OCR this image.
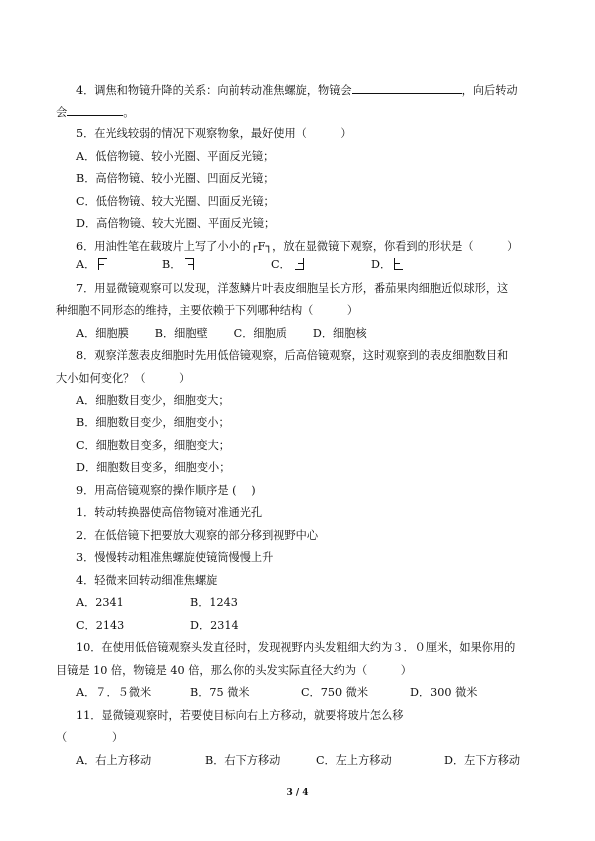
4．调焦和物镜升降的关系：向前转动准焦螺旋，物镜会	，向后转动
会	。
5．在光线较弱的情况下观察物象，最好使用（　　　）
A．低倍物镜、较小光圈、平面反光镜；
B．高倍物镜、较小光圈、凹面反光镜；
C．低倍物镜、较大光圈、凹面反光镜；
D．高倍物镜、较大光圈、平面反光镜；
6．用油性笔在载玻片上写了小小的┌F┐，放在显微镜下观察，你看到的形状是（　　　）
A．	B．	C．	D．
7．用显微镜观察可以发现，洋葱鳞片叶表皮细胞呈长方形，番茄果肉细胞近似球形，这
种细胞不同形态的维持，主要依赖于下列哪种结构（　　　）
A．细胞膜　　 B．细胞壁　　 C．细胞质　　 D．细胞核
8．观察洋葱表皮细胞时先用低倍镜观察，后高倍镜观察，这时观察到的表皮细胞数目和
大小如何变化？（　　　）
A．细胞数目变少，细胞变大；
B．细胞数目变少，细胞变小；
C．细胞数目变多，细胞变大；
D．细胞数目变多，细胞变小；
9．用高倍镜观察的操作顺序是 (　 )
1．转动转换器使高倍物镜对准通光孔
2．在低倍镜下把要放大观察的部分移到视野中心
3．慢慢转动粗准焦螺旋使镜筒慢慢上升
4．轻微来回转动细准焦螺旋
A．2341	B．1243
C．2143	D．2314
10．在使用低倍镜观察头发直径时，发现视野内头发粗细大约为３．０厘米，如果你用的
目镜是 10 倍，物镜是 40 倍，那么你的头发实际直径大约为（　　　）
A．７．５微米	B．75 微米	C．750 微米	D．300 微米
11．显微镜观察时，若要使目标向右上方移动，就要将玻片怎么移
（　　　　）
A．右上方移动	B．右下方移动	C．左上方移动	D．左下方移动
3 / 4
